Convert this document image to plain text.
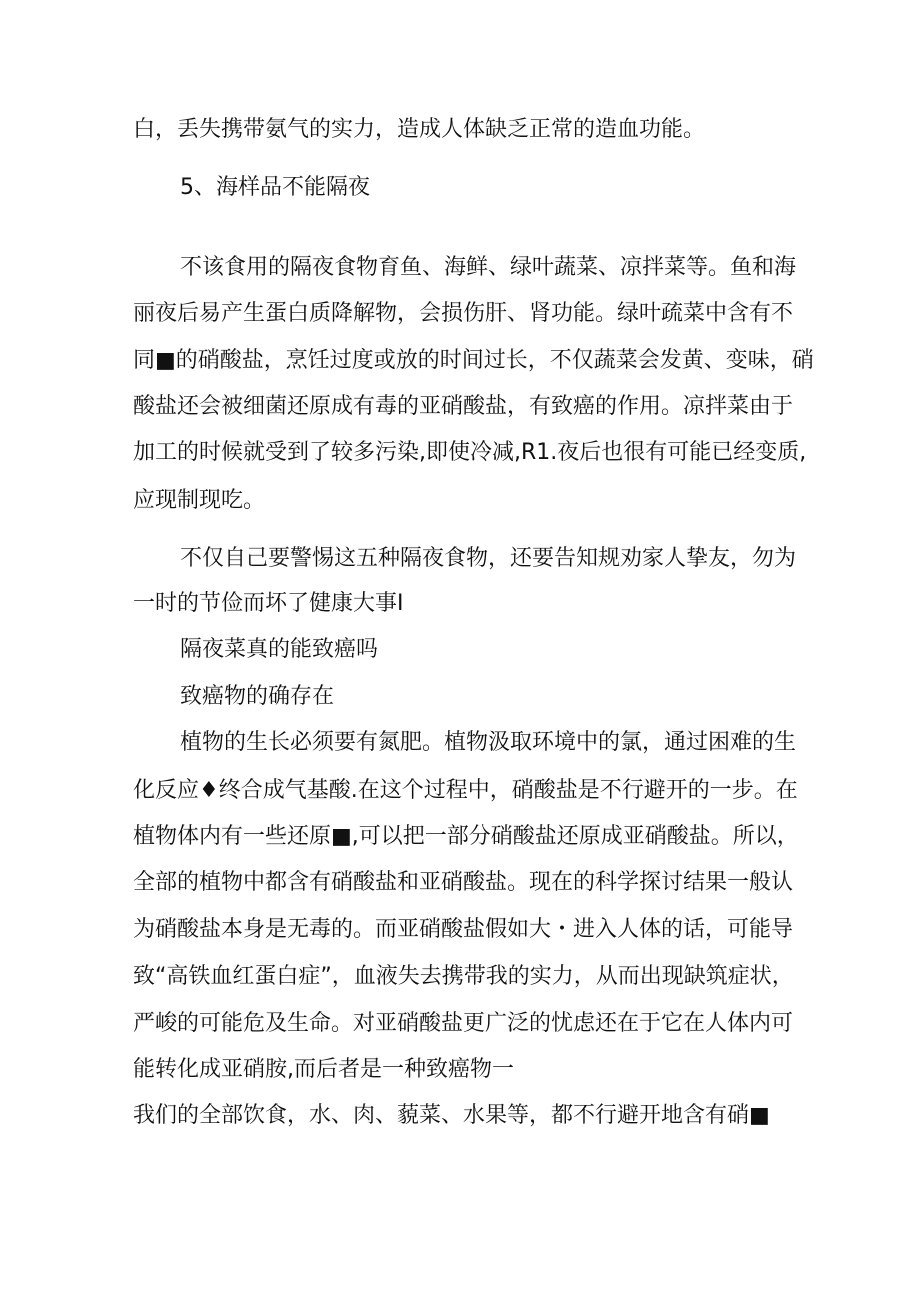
白，丢失携带氨气的实力，造成人体缺乏正常的造血功能。

5、海样品不能隔夜

不该食用的隔夜食物育鱼、海鲜、绿叶蔬菜、凉拌菜等。鱼和海

丽夜后易产生蛋白质降解物，会损伤肝、肾功能。绿叶疏菜中含有不

同■的硝酸盐，烹饪过度或放的时间过长，不仅蔬菜会发黄、变味，硝

酸盐还会被细菌还原成有毒的亚硝酸盐，有致癌的作用。凉拌菜由于

加工的时候就受到了较多污染,即使冷减,R1.夜后也很有可能已经变质,

应现制现吃。

不仅自己要警惕这五种隔夜食物，还要告知规劝家人挚友，勿为

一时的节俭而坏了健康大事I

隔夜菜真的能致癌吗

致癌物的确存在

植物的生长必须要有氮肥。植物汲取环境中的氯，通过困难的生

化反应♦终合成气基酸.在这个过程中，硝酸盐是不行避开的一步。在

植物体内有一些还原■,可以把一部分硝酸盐还原成亚硝酸盐。所以，

全部的植物中都含有硝酸盐和亚硝酸盐。现在的科学探讨结果一般认

为硝酸盐本身是无毒的。而亚硝酸盐假如大・进入人体的话，可能导

致“高铁血红蛋白症”，血液失去携带我的实力，从而出现缺筑症状，

严峻的可能危及生命。对亚硝酸盐更广泛的忧虑还在于它在人体内可

能转化成亚硝胺,而后者是一种致癌物一

我们的全部饮食，水、肉、藐菜、水果等，都不行避开地含有硝■
